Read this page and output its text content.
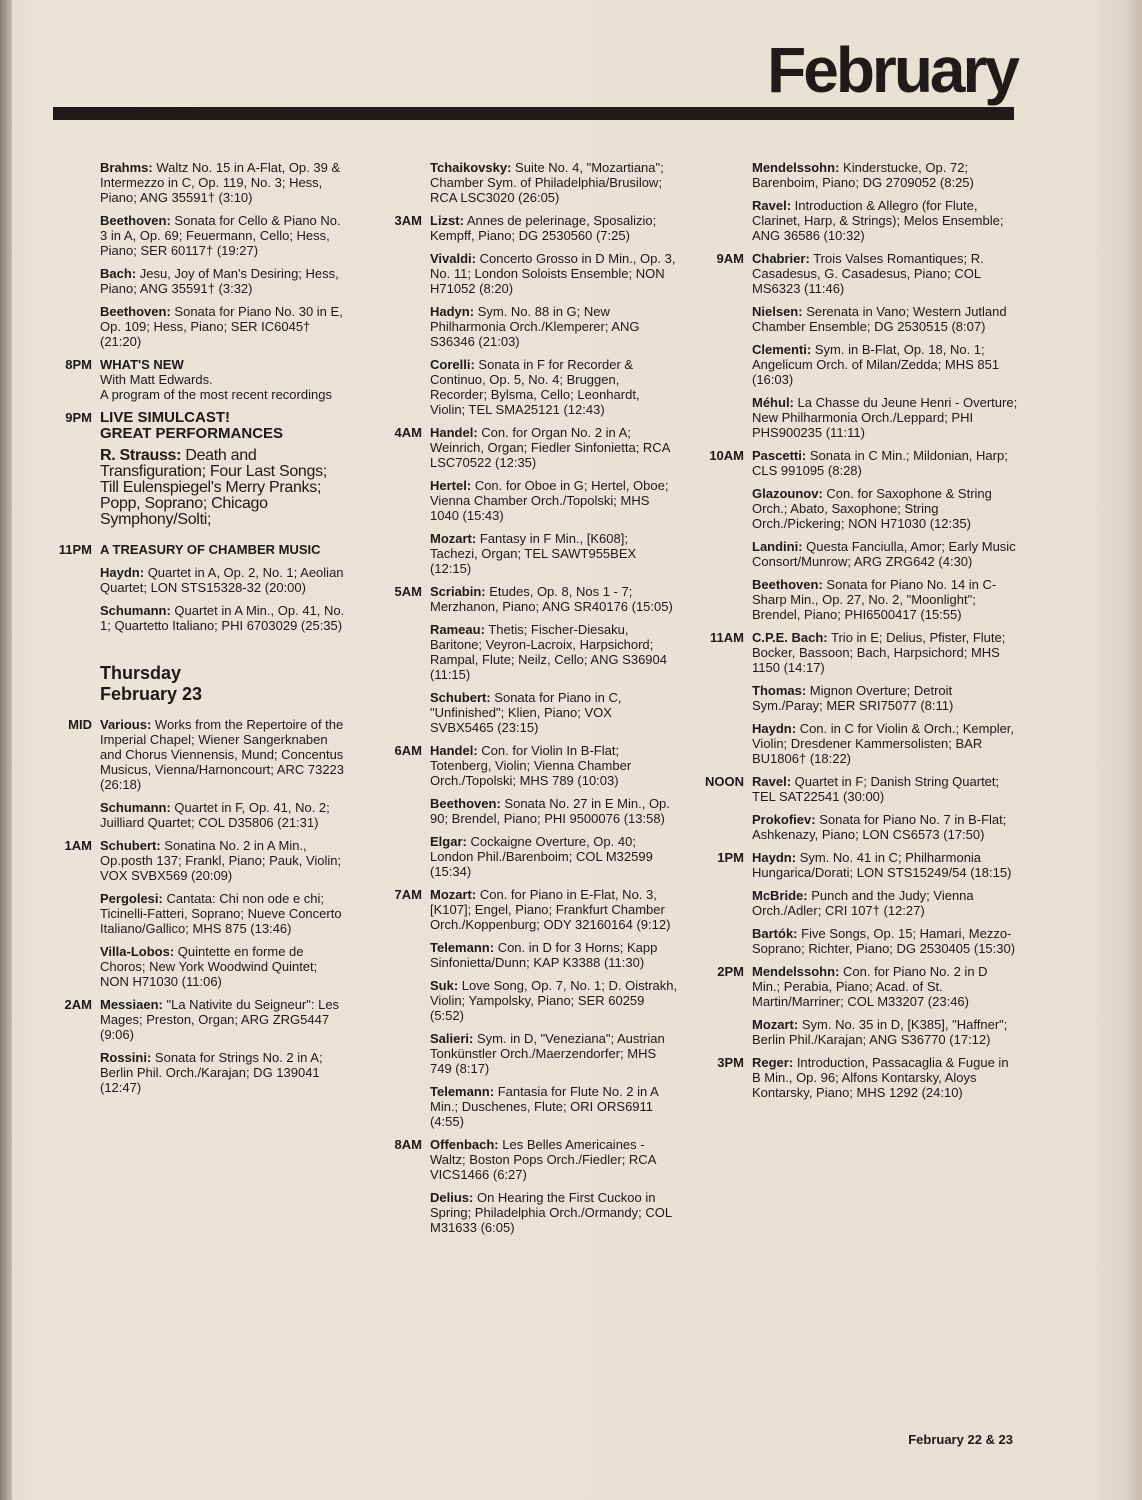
February
Brahms: Waltz No. 15 in A-Flat, Op. 39 & Intermezzo in C, Op. 119, No. 3; Hess, Piano; ANG 35591† (3:10)
Beethoven: Sonata for Cello & Piano No. 3 in A, Op. 69; Feuermann, Cello; Hess, Piano; SER 60117† (19:27)
Bach: Jesu, Joy of Man's Desiring; Hess, Piano; ANG 35591† (3:32)
Beethoven: Sonata for Piano No. 30 in E, Op. 109; Hess, Piano; SER IC6045† (21:20)
8PM WHAT'S NEW
With Matt Edwards.
A program of the most recent recordings
9PM LIVE SIMULCAST!
GREAT PERFORMANCES
R. Strauss: Death and Transfiguration; Four Last Songs; Till Eulenspiegel's Merry Pranks; Popp, Soprano; Chicago Symphony/Solti;
11PM A TREASURY OF CHAMBER MUSIC
Haydn: Quartet in A, Op. 2, No. 1; Aeolian Quartet; LON STS15328-32 (20:00)
Schumann: Quartet in A Min., Op. 41, No. 1; Quartetto Italiano; PHI 6703029 (25:35)
Thursday
February 23
MID Various: Works from the Repertoire of the Imperial Chapel; Wiener Sangerknaben and Chorus Viennensis, Mund; Concentus Musicus, Vienna/Harnoncourt; ARC 73223 (26:18)
Schumann: Quartet in F, Op. 41, No. 2; Juilliard Quartet; COL D35806 (21:31)
1AM Schubert: Sonatina No. 2 in A Min., Op.posth 137; Frankl, Piano; Pauk, Violin; VOX SVBX569 (20:09)
Pergolesi: Cantata: Chi non ode e chi; Ticinelli-Fatteri, Soprano; Nueve Concerto Italiano/Gallico; MHS 875 (13:46)
Villa-Lobos: Quintette en forme de Choros; New York Woodwind Quintet; NON H71030 (11:06)
2AM Messiaen: "La Nativite du Seigneur": Les Mages; Preston, Organ; ARG ZRG5447 (9:06)
Rossini: Sonata for Strings No. 2 in A; Berlin Phil. Orch./Karajan; DG 139041 (12:47)
Tchaikovsky: Suite No. 4, "Mozartiana"; Chamber Sym. of Philadelphia/Brusilow; RCA LSC3020 (26:05)
3AM Lizst: Annes de pelerinage, Sposalizio; Kempff, Piano; DG 2530560 (7:25)
Vivaldi: Concerto Grosso in D Min., Op. 3, No. 11; London Soloists Ensemble; NON H71052 (8:20)
Hadyn: Sym. No. 88 in G; New Philharmonia Orch./Klemperer; ANG S36346 (21:03)
Corelli: Sonata in F for Recorder & Continuo, Op. 5, No. 4; Bruggen, Recorder; Bylsma, Cello; Leonhardt, Violin; TEL SMA25121 (12:43)
4AM Handel: Con. for Organ No. 2 in A; Weinrich, Organ; Fiedler Sinfonietta; RCA LSC70522 (12:35)
Hertel: Con. for Oboe in G; Hertel, Oboe; Vienna Chamber Orch./Topolski; MHS 1040 (15:43)
Mozart: Fantasy in F Min., [K608]; Tachezi, Organ; TEL SAWT955BEX (12:15)
5AM Scriabin: Etudes, Op. 8, Nos 1 - 7; Merzhanon, Piano; ANG SR40176 (15:05)
Rameau: Thetis; Fischer-Diesaku, Baritone; Veyron-Lacroix, Harpsichord; Rampal, Flute; Neilz, Cello; ANG S36904 (11:15)
Schubert: Sonata for Piano in C, "Unfinished"; Klien, Piano; VOX SVBX5465 (23:15)
6AM Handel: Con. for Violin In B-Flat; Totenberg, Violin; Vienna Chamber Orch./Topolski; MHS 789 (10:03)
Beethoven: Sonata No. 27 in E Min., Op. 90; Brendel, Piano; PHI 9500076 (13:58)
Elgar: Cockaigne Overture, Op. 40; London Phil./Barenboim; COL M32599 (15:34)
7AM Mozart: Con. for Piano in E-Flat, No. 3, [K107]; Engel, Piano; Frankfurt Chamber Orch./Koppenburg; ODY 32160164 (9:12)
Telemann: Con. in D for 3 Horns; Kapp Sinfonietta/Dunn; KAP K3388 (11:30)
Suk: Love Song, Op. 7, No. 1; D. Oistrakh, Violin; Yampolsky, Piano; SER 60259 (5:52)
Salieri: Sym. in D, "Veneziana"; Austrian Tonkünstler Orch./Maerzendorfer; MHS 749 (8:17)
Telemann: Fantasia for Flute No. 2 in A Min.; Duschenes, Flute; ORI ORS6911 (4:55)
8AM Offenbach: Les Belles Americaines - Waltz; Boston Pops Orch./Fiedler; RCA VICS1466 (6:27)
Delius: On Hearing the First Cuckoo in Spring; Philadelphia Orch./Ormandy; COL M31633 (6:05)
Mendelssohn: Kinderstucke, Op. 72; Barenboim, Piano; DG 2709052 (8:25)
Ravel: Introduction & Allegro (for Flute, Clarinet, Harp, & Strings); Melos Ensemble; ANG 36586 (10:32)
9AM Chabrier: Trois Valses Romantiques; R. Casadesus, G. Casadesus, Piano; COL MS6323 (11:46)
Nielsen: Serenata in Vano; Western Jutland Chamber Ensemble; DG 2530515 (8:07)
Clementi: Sym. in B-Flat, Op. 18, No. 1; Angelicum Orch. of Milan/Zedda; MHS 851 (16:03)
Méhul: La Chasse du Jeune Henri - Overture; New Philharmonia Orch./Leppard; PHI PHS900235 (11:11)
10AM Pascetti: Sonata in C Min.; Mildonian, Harp; CLS 991095 (8:28)
Glazounov: Con. for Saxophone & String Orch.; Abato, Saxophone; String Orch./Pickering; NON H71030 (12:35)
Landini: Questa Fanciulla, Amor; Early Music Consort/Munrow; ARG ZRG642 (4:30)
Beethoven: Sonata for Piano No. 14 in C-Sharp Min., Op. 27, No. 2, "Moonlight"; Brendel, Piano; PHI6500417 (15:55)
11AM C.P.E. Bach: Trio in E; Delius, Pfister, Flute; Bocker, Bassoon; Bach, Harpsichord; MHS 1150 (14:17)
Thomas: Mignon Overture; Detroit Sym./Paray; MER SRI75077 (8:11)
Haydn: Con. in C for Violin & Orch.; Kempler, Violin; Dresdener Kammersolisten; BAR BU1806† (18:22)
NOON Ravel: Quartet in F; Danish String Quartet; TEL SAT22541 (30:00)
Prokofiev: Sonata for Piano No. 7 in B-Flat; Ashkenazy, Piano; LON CS6573 (17:50)
1PM Haydn: Sym. No. 41 in C; Philharmonia Hungarica/Dorati; LON STS15249/54 (18:15)
McBride: Punch and the Judy; Vienna Orch./Adler; CRI 107† (12:27)
Bartók: Five Songs, Op. 15; Hamari, Mezzo-Soprano; Richter, Piano; DG 2530405 (15:30)
2PM Mendelssohn: Con. for Piano No. 2 in D Min.; Perabia, Piano; Acad. of St. Martin/Marriner; COL M33207 (23:46)
Mozart: Sym. No. 35 in D, [K385], "Haffner"; Berlin Phil./Karajan; ANG S36770 (17:12)
3PM Reger: Introduction, Passacaglia & Fugue in B Min., Op. 96; Alfons Kontarsky, Aloys Kontarsky, Piano; MHS 1292 (24:10)
February 22 & 23
